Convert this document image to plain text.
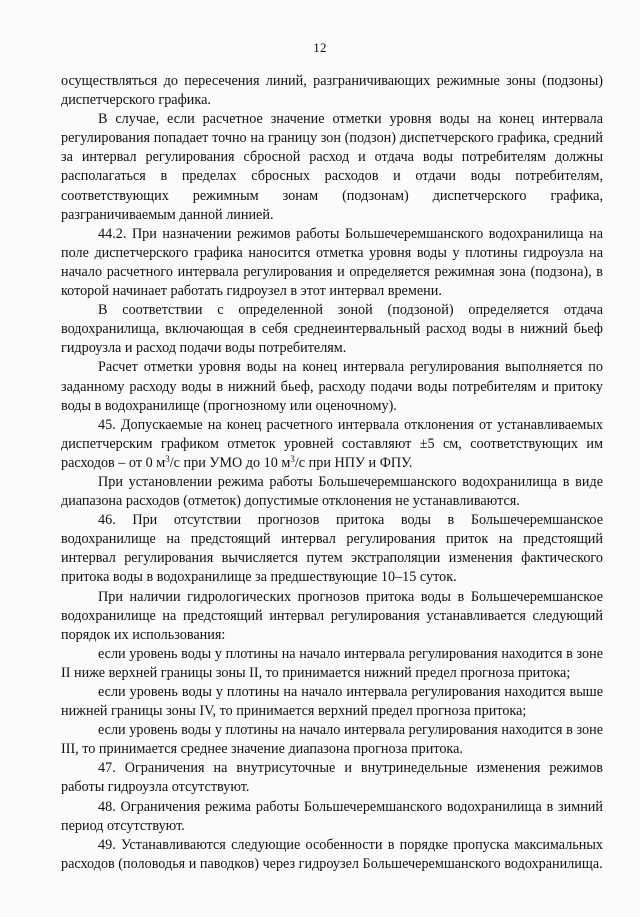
12

осуществляться до пересечения линий, разграничивающих режимные зоны (подзоны) диспетчерского графика.

В случае, если расчетное значение отметки уровня воды на конец интервала регулирования попадает точно на границу зон (подзон) диспетчерского графика, средний за интервал регулирования сбросной расход и отдача воды потребителям должны располагаться в пределах сбросных расходов и отдачи воды потребителям, соответствующих режимным зонам (подзонам) диспетчерского графика, разграничиваемым данной линией.

44.2. При назначении режимов работы Большечеремшанского водохранилища на поле диспетчерского графика наносится отметка уровня воды у плотины гидроузла на начало расчетного интервала регулирования и определяется режимная зона (подзона), в которой начинает работать гидроузел в этот интервал времени.

В соответствии с определенной зоной (подзоной) определяется отдача водохранилища, включающая в себя среднеинтервальный расход воды в нижний бьеф гидроузла и расход подачи воды потребителям.

Расчет отметки уровня воды на конец интервала регулирования выполняется по заданному расходу воды в нижний бьеф, расходу подачи воды потребителям и притоку воды в водохранилище (прогнозному или оценочному).

45. Допускаемые на конец расчетного интервала отклонения от устанавливаемых диспетчерским графиком отметок уровней составляют ±5 см, соответствующих им расходов – от 0 $м^3/с$ при УМО до 10 $м^3/с$ при НПУ и ФПУ.

При установлении режима работы Большечеремшанского водохранилища в виде диапазона расходов (отметок) допустимые отклонения не устанавливаются.

46. При отсутствии прогнозов притока воды в Большечеремшанское водохранилище на предстоящий интервал регулирования приток на предстоящий интервал регулирования вычисляется путем экстраполяции изменения фактического притока воды в водохранилище за предшествующие 10–15 суток.

При наличии гидрологических прогнозов притока воды в Большечеремшанское водохранилище на предстоящий интервал регулирования устанавливается следующий порядок их использования:

если уровень воды у плотины на начало интервала регулирования находится в зоне II ниже верхней границы зоны II, то принимается нижний предел прогноза притока;

если уровень воды у плотины на начало интервала регулирования находится выше нижней границы зоны IV, то принимается верхний предел прогноза притока;

если уровень воды у плотины на начало интервала регулирования находится в зоне III, то принимается среднее значение диапазона прогноза притока.

47. Ограничения на внутрисуточные и внутринедельные изменения режимов работы гидроузла отсутствуют.

48. Ограничения режима работы Большечеремшанского водохранилища в зимний период отсутствуют.

49. Устанавливаются следующие особенности в порядке пропуска максимальных расходов (половодья и паводков) через гидроузел Большечеремшанского водохранилища.
